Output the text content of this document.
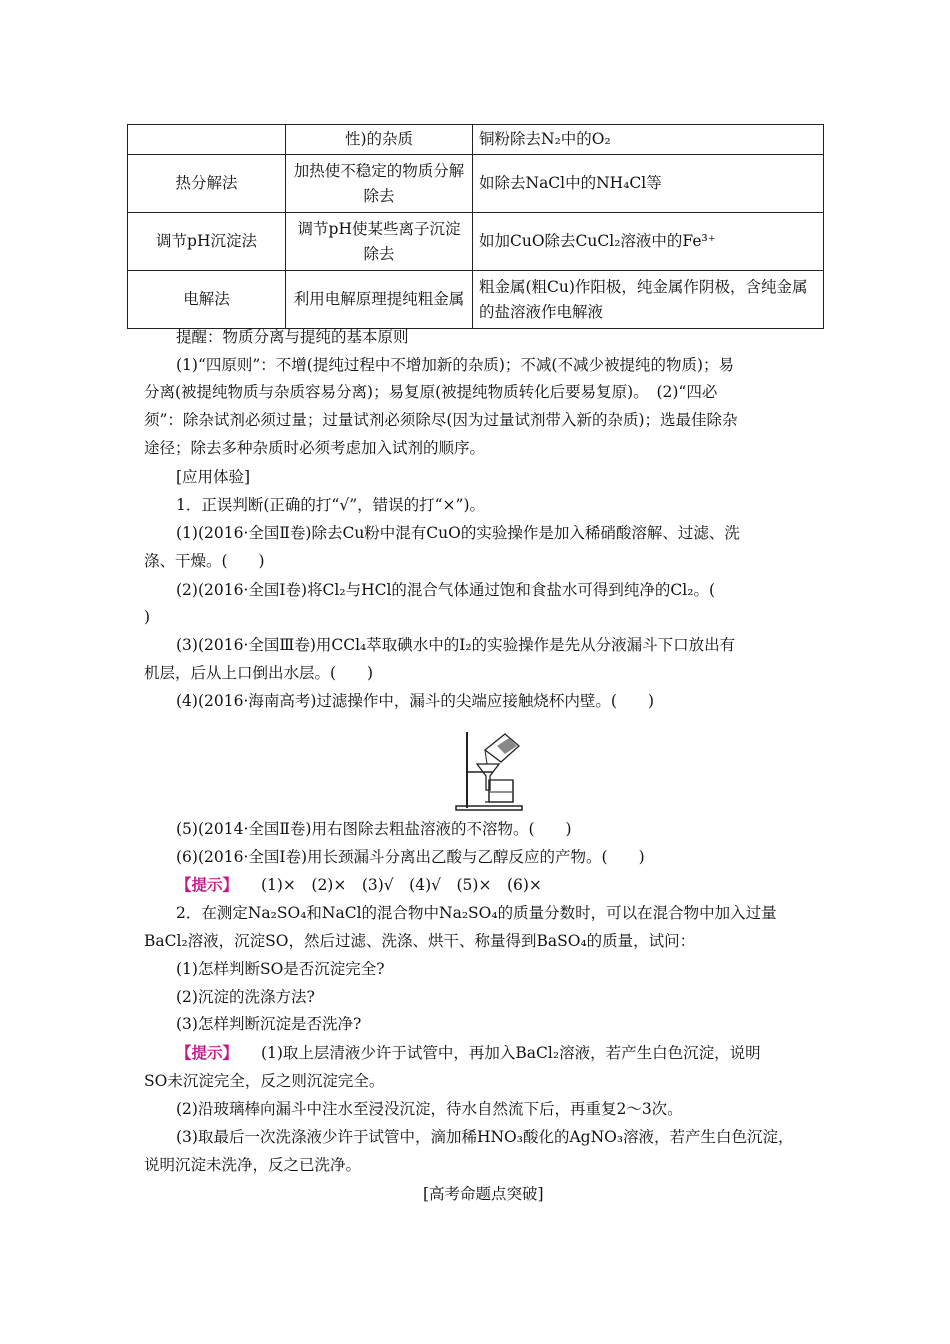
	性)的杂质	铜粉除去N₂中的O₂
热分解法	加热使不稳定的物质分解除去	如除去NaCl中的NH₄Cl等
调节pH沉淀法	调节pH使某些离子沉淀除去	如加CuO除去CuCl₂溶液中的Fe³⁺
电解法	利用电解原理提纯粗金属	粗金属(粗Cu)作阳极，纯金属作阴极，含纯金属的盐溶液作电解液
提醒：物质分离与提纯的基本原则
(1)“四原则”：不增(提纯过程中不增加新的杂质)；不减(不减少被提纯的物质)；易
分离(被提纯物质与杂质容易分离)；易复原(被提纯物质转化后要易复原)。　(2)“四必
须”：除杂试剂必须过量；过量试剂必须除尽(因为过量试剂带入新的杂质)；选最佳除杂
途径；除去多种杂质时必须考虑加入试剂的顺序。
[应用体验]
1．正误判断(正确的打“√”，错误的打“×”)。
(1)(2016·全国Ⅱ卷)除去Cu粉中混有CuO的实验操作是加入稀硝酸溶解、过滤、洗
涤、干燥。(　　)
(2)(2016·全国Ⅰ卷)将Cl₂与HCl的混合气体通过饱和食盐水可得到纯净的Cl₂。(
)
(3)(2016·全国Ⅲ卷)用CCl₄萃取碘水中的I₂的实验操作是先从分液漏斗下口放出有
机层，后从上口倒出水层。(　　)
(4)(2016·海南高考)过滤操作中，漏斗的尖端应接触烧杯内壁。(　　)
(5)(2014·全国Ⅱ卷)用右图除去粗盐溶液的不溶物。(　　)
(6)(2016·全国Ⅰ卷)用长颈漏斗分离出乙酸与乙醇反应的产物。(　　)
【提示】 (1)×　(2)×　(3)√　(4)√　(5)×　(6)×
2．在测定Na₂SO₄和NaCl的混合物中Na₂SO₄的质量分数时，可以在混合物中加入过量
BaCl₂溶液，沉淀SO，然后过滤、洗涤、烘干、称量得到BaSO₄的质量，试问：
(1)怎样判断SO是否沉淀完全?
(2)沉淀的洗涤方法?
(3)怎样判断沉淀是否洗净?
【提示】 (1)取上层清液少许于试管中，再加入BaCl₂溶液，若产生白色沉淀，说明
SO未沉淀完全，反之则沉淀完全。
(2)沿玻璃棒向漏斗中注水至浸没沉淀，待水自然流下后，再重复2～3次。
(3)取最后一次洗涤液少许于试管中，滴加稀HNO₃酸化的AgNO₃溶液，若产生白色沉淀，
说明沉淀未洗净，反之已洗净。
[高考命题点突破]
